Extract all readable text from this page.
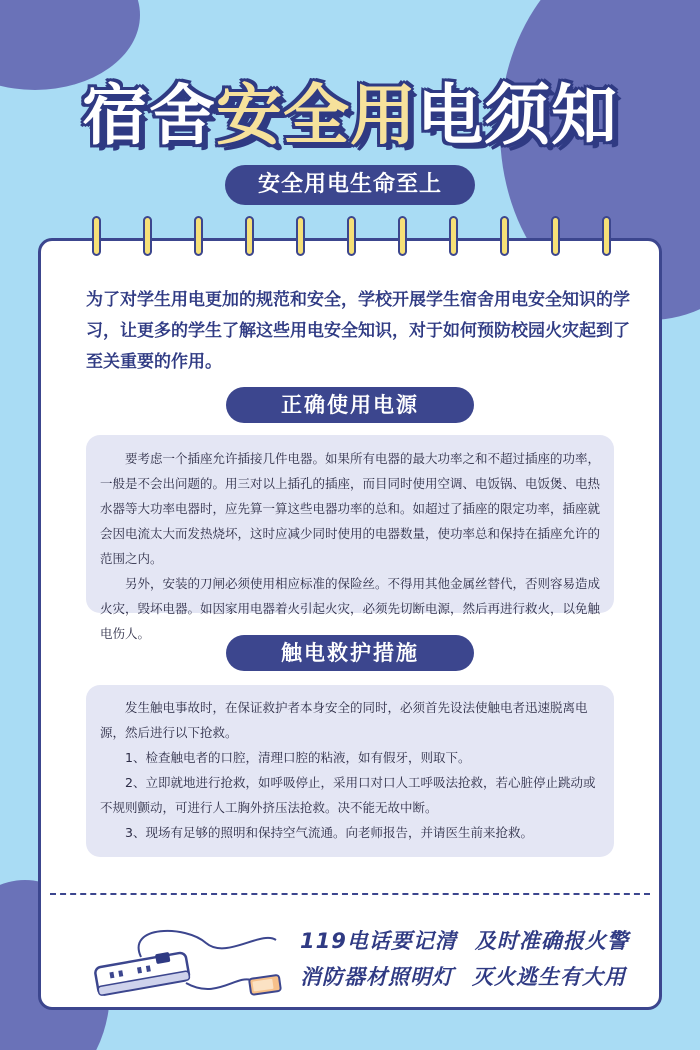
宿舍安全用电须知
安全用电生命至上

为了对学生用电更加的规范和安全，学校开展学生宿舍用电安全知识的学习，让更多的学生了解这些用电安全知识，对于如何预防校园火灾起到了至关重要的作用。

正确使用电源

要考虑一个插座允许插接几件电器。如果所有电器的最大功率之和不超过插座的功率，一般是不会出问题的。用三对以上插孔的插座，而目同时使用空调、电饭锅、电饭煲、电热水器等大功率电器时，应先算一算这些电器功率的总和。如超过了插座的限定功率，插座就会因电流太大而发热烧坏，这时应减少同时使用的电器数量，使功率总和保持在插座允许的范围之内。

另外，安装的刀闸必须使用相应标准的保险丝。不得用其他金属丝替代，否则容易造成火灾，毁坏电器。如因家用电器着火引起火灾，必须先切断电源，然后再进行救火，以免触电伤人。

触电救护措施

发生触电事故时，在保证救护者本身安全的同时，必须首先设法使触电者迅速脱离电源，然后进行以下抢救。

1、检查触电者的口腔，清理口腔的粘液，如有假牙，则取下。

2、立即就地进行抢救，如呼吸停止，采用口对口人工呼吸法抢救，若心脏停止跳动或不规则颤动，可进行人工胸外挤压法抢救。决不能无故中断。

3、现场有足够的照明和保持空气流通。向老师报告，并请医生前来抢救。

119电话要记清 及时准确报火警
消防器材照明灯 灭火逃生有大用
